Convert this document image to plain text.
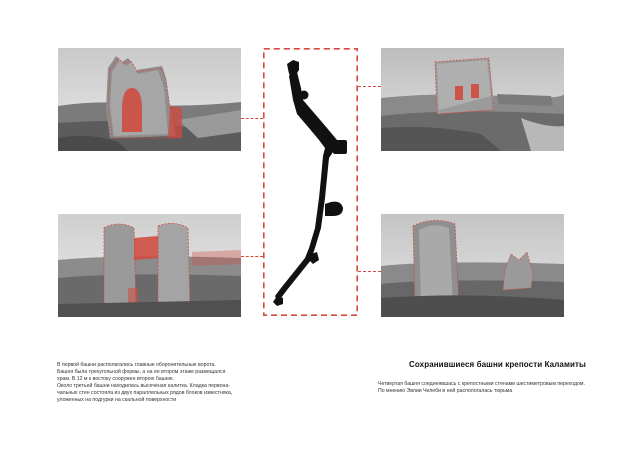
В первой башни располагались главные оборонительные ворота.

Башня была трехугольной формы, а на ее втором этаже размещался

храм. В 12 м к востоку сооружен второю башню.

Около третьей башни находилась высеченая калитка. Кладка первона-

чальных стен состояла из двух параллельных рядов блоков известняка,

уложенных на подгурки на скальной поверхности

Сохранившиеся башни крепости Каламиты
Четвертая башня соединявшась с крепостными стенами шестиметровым переходом. По мнению Эвлии Челеби в ней распологалась тюрьма
